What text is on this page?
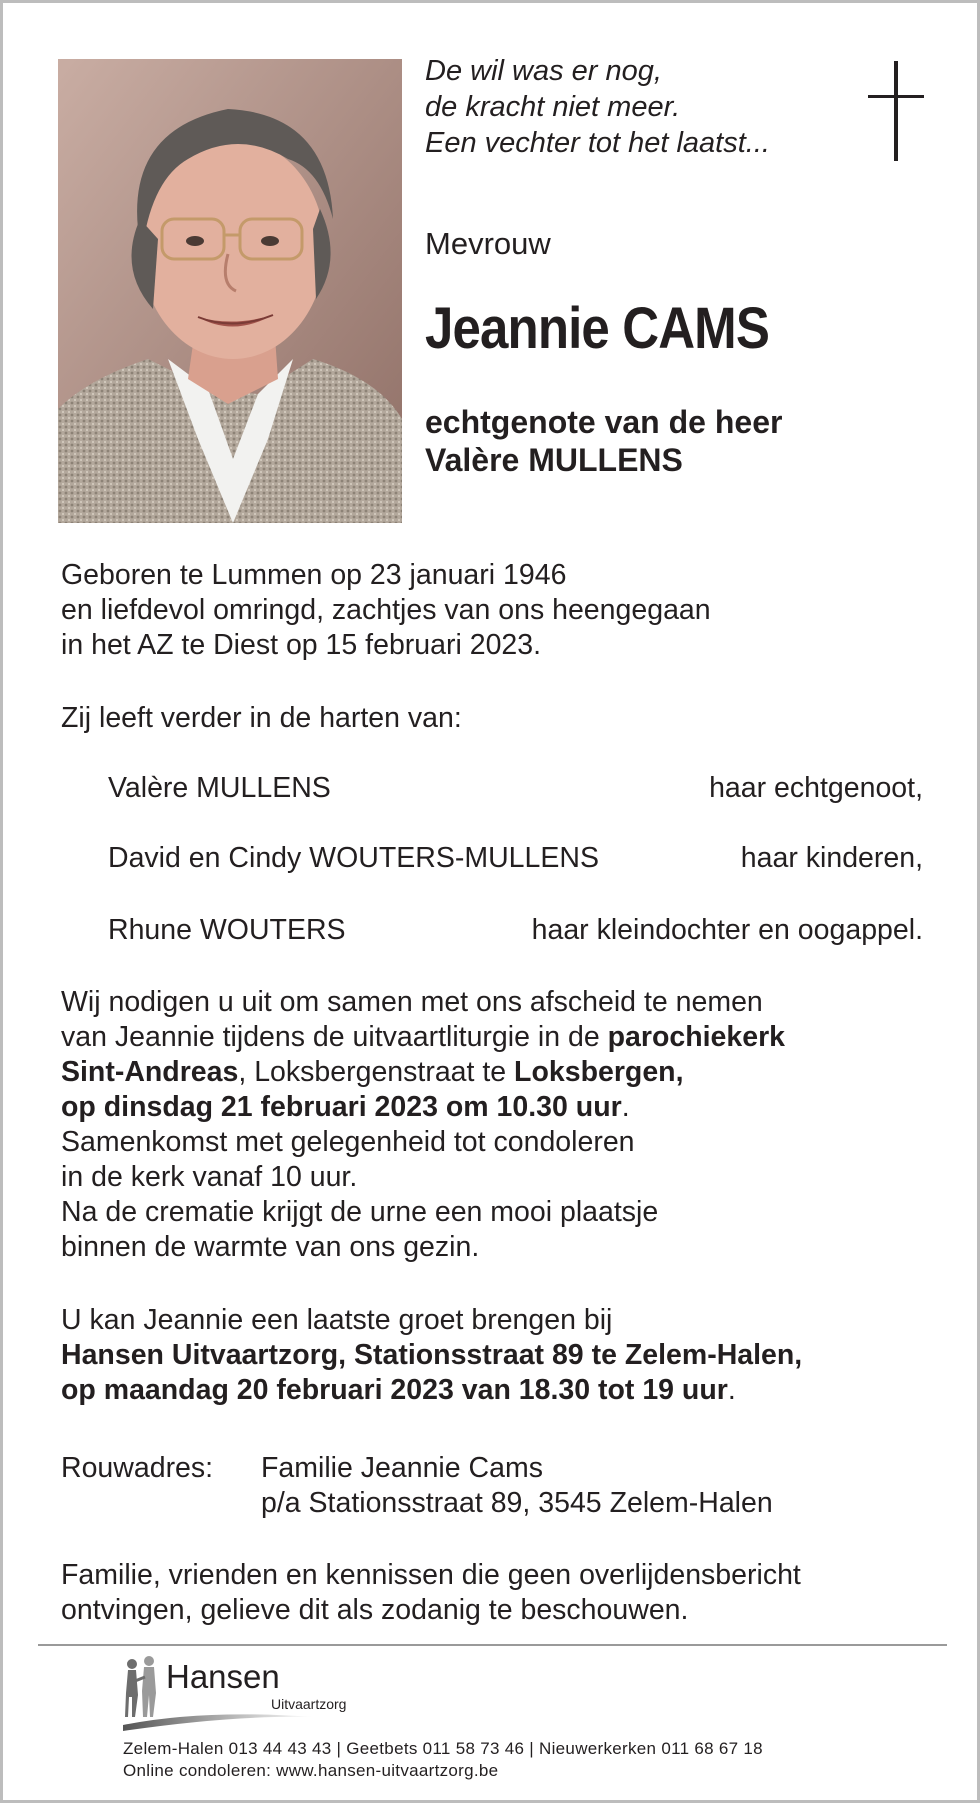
De wil was er nog,
de kracht niet meer.
Een vechter tot het laatst...
Mevrouw
Jeannie CAMS
echtgenote van de heer
Valère MULLENS

Geboren te Lummen op 23 januari 1946

en liefdevol omringd, zachtjes van ons heengegaan

in het AZ te Diest op 15 februari 2023.

Zij leeft verder in de harten van:
Valère MULLENS	haar echtgenoot,
David en Cindy WOUTERS-MULLENS	haar kinderen,
Rhune WOUTERS	haar kleindochter en oogappel.

Wij nodigen u uit om samen met ons afscheid te nemen

van Jeannie tijdens de uitvaartliturgie in de parochiekerk

Sint-Andreas, Loksbergenstraat te Loksbergen,

op dinsdag 21 februari 2023 om 10.30 uur.

Samenkomst met gelegenheid tot condoleren

in de kerk vanaf 10 uur.

Na de crematie krijgt de urne een mooi plaatsje

binnen de warmte van ons gezin.

U kan Jeannie een laatste groet brengen bij

Hansen Uitvaartzorg, Stationsstraat 89 te Zelem-Halen,

op maandag 20 februari 2023 van 18.30 tot 19 uur.

Rouwadres: Familie Jeannie Cams
p/a Stationsstraat 89, 3545 Zelem-Halen

Familie, vrienden en kennissen die geen overlijdensbericht

ontvingen, gelieve dit als zodanig te beschouwen.

Hansen
Uitvaartzorg
Zelem-Halen 013 44 43 43 | Geetbets 011 58 73 46 | Nieuwerkerken 011 68 67 18
Online condoleren: www.hansen-uitvaartzorg.be
